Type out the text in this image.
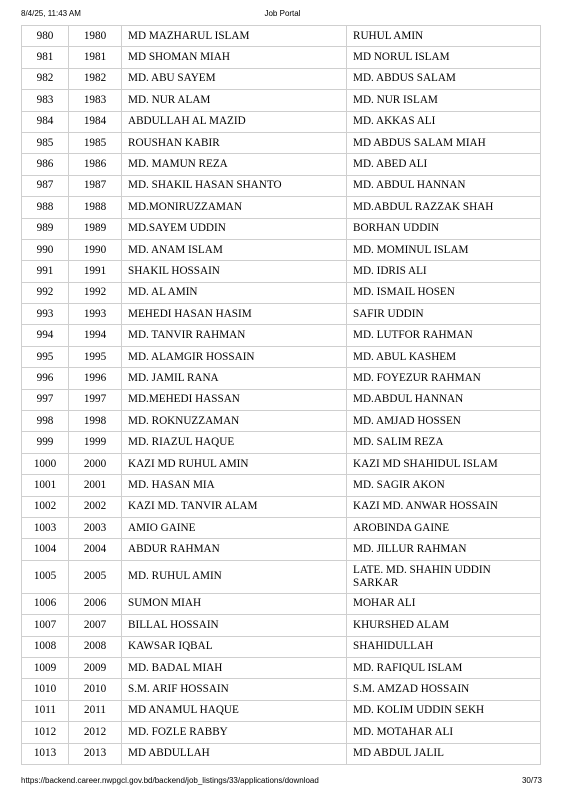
8/4/25, 11:43 AM	Job Portal
980	1980	MD MAZHARUL ISLAM	RUHUL AMIN
981	1981	MD SHOMAN MIAH	MD NORUL ISLAM
982	1982	MD. ABU SAYEM	MD. ABDUS SALAM
983	1983	MD. NUR ALAM	MD. NUR ISLAM
984	1984	ABDULLAH AL MAZID	MD. AKKAS ALI
985	1985	ROUSHAN KABIR	MD ABDUS SALAM MIAH
986	1986	MD. MAMUN REZA	MD. ABED ALI
987	1987	MD. SHAKIL HASAN SHANTO	MD. ABDUL HANNAN
988	1988	MD.MONIRUZZAMAN	MD.ABDUL RAZZAK SHAH
989	1989	MD.SAYEM UDDIN	BORHAN UDDIN
990	1990	MD. ANAM ISLAM	MD. MOMINUL ISLAM
991	1991	SHAKIL HOSSAIN	MD. IDRIS ALI
992	1992	MD. AL AMIN	MD. ISMAIL HOSEN
993	1993	MEHEDI HASAN HASIM	SAFIR UDDIN
994	1994	MD. TANVIR RAHMAN	MD. LUTFOR RAHMAN
995	1995	MD. ALAMGIR HOSSAIN	MD. ABUL KASHEM
996	1996	MD. JAMIL RANA	MD. FOYEZUR RAHMAN
997	1997	MD.MEHEDI HASSAN	MD.ABDUL HANNAN
998	1998	MD. ROKNUZZAMAN	MD. AMJAD HOSSEN
999	1999	MD. RIAZUL HAQUE	MD. SALIM REZA
1000	2000	KAZI MD RUHUL AMIN	KAZI MD SHAHIDUL ISLAM
1001	2001	MD. HASAN MIA	MD. SAGIR AKON
1002	2002	KAZI MD. TANVIR ALAM	KAZI MD. ANWAR HOSSAIN
1003	2003	AMIO GAINE	AROBINDA GAINE
1004	2004	ABDUR RAHMAN	MD. JILLUR RAHMAN
1005	2005	MD. RUHUL AMIN	LATE. MD. SHAHIN UDDIN SARKAR
1006	2006	SUMON MIAH	MOHAR ALI
1007	2007	BILLAL HOSSAIN	KHURSHED ALAM
1008	2008	KAWSAR IQBAL	SHAHIDULLAH
1009	2009	MD. BADAL MIAH	MD. RAFIQUL ISLAM
1010	2010	S.M. ARIF HOSSAIN	S.M. AMZAD HOSSAIN
1011	2011	MD ANAMUL HAQUE	MD. KOLIM UDDIN SEKH
1012	2012	MD. FOZLE RABBY	MD. MOTAHAR ALI
1013	2013	MD ABDULLAH	MD ABDUL JALIL
https://backend.career.nwpgcl.gov.bd/backend/job_listings/33/applications/download	30/73
